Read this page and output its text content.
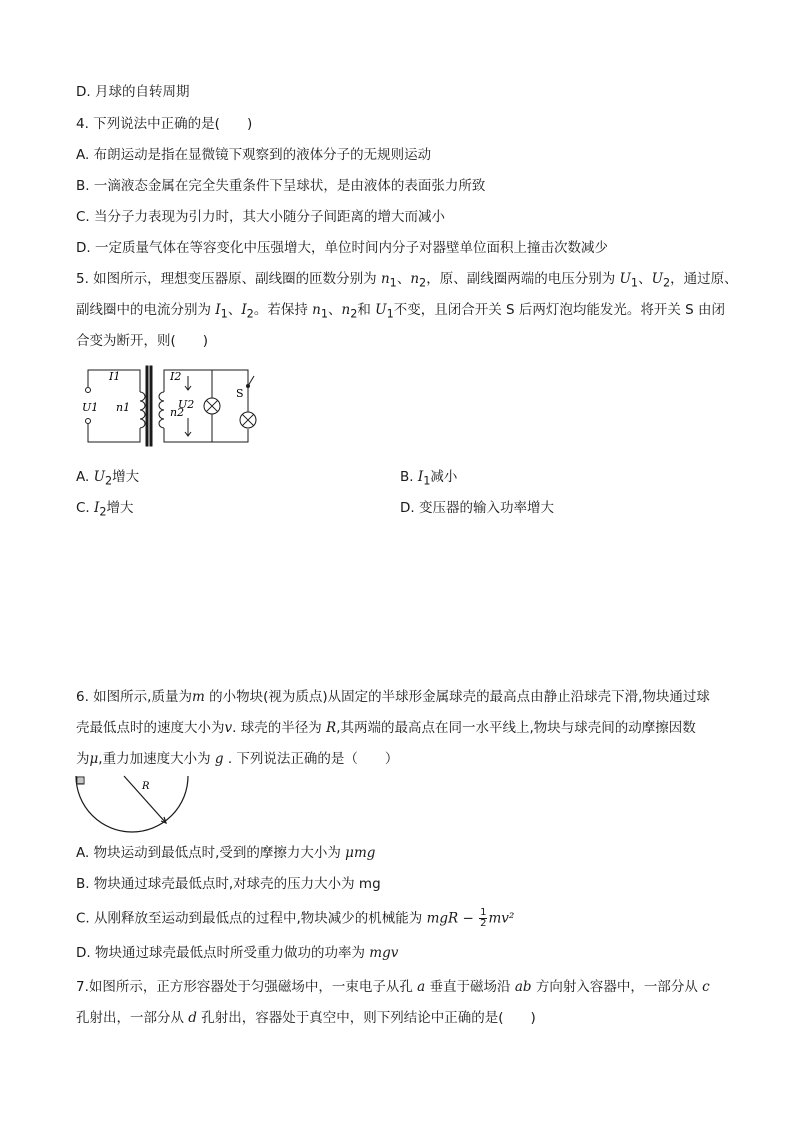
D. 月球的自转周期
4. 下列说法中正确的是(　　)
A. 布朗运动是指在显微镜下观察到的液体分子的无规则运动
B. 一滴液态金属在完全失重条件下呈球状，是由液体的表面张力所致
C. 当分子力表现为引力时，其大小随分子间距离的增大而减小
D. 一定质量气体在等容变化中压强增大，单位时间内分子对器壁单位面积上撞击次数减少
5. 如图所示，理想变压器原、副线圈的匝数分别为 $n_1$、$n_2$，原、副线圈两端的电压分别为 $U_1$、$U_2$，通过原、
副线圈中的电流分别为 $I_1$、$I_2$。若保持 $n_1$、$n_2$和 $U_1$不变，且闭合开关 S 后两灯泡均能发光。将开关 S 由闭
合变为断开，则(　　)
I1	I2
U1 n1	n2
U2
S
A. $U_2$增大	B. $I_1$减小
C. $I_2$增大	D. 变压器的输入功率增大
6. 如图所示,质量为m 的小物块(视为质点)从固定的半球形金属球壳的最高点由静止沿球壳下滑,物块通过球
壳最低点时的速度大小为v. 球壳的半径为 R,其两端的最高点在同一水平线上,物块与球壳间的动摩擦因数
为μ,重力加速度大小为 g . 下列说法正确的是（　　）
R
A. 物块运动到最低点时,受到的摩擦力大小为 μmg
B. 物块通过球壳最低点时,对球壳的压力大小为 mg
C. 从刚释放至运动到最低点的过程中,物块减少的机械能为 mgR − $\frac{1}{2} mv^2$
D. 物块通过球壳最低点时所受重力做功的功率为 mgv
7.如图所示，正方形容器处于匀强磁场中，一束电子从孔 a 垂直于磁场沿 ab 方向射入容器中，一部分从 c
孔射出，一部分从 d 孔射出，容器处于真空中，则下列结论中正确的是(　　)
